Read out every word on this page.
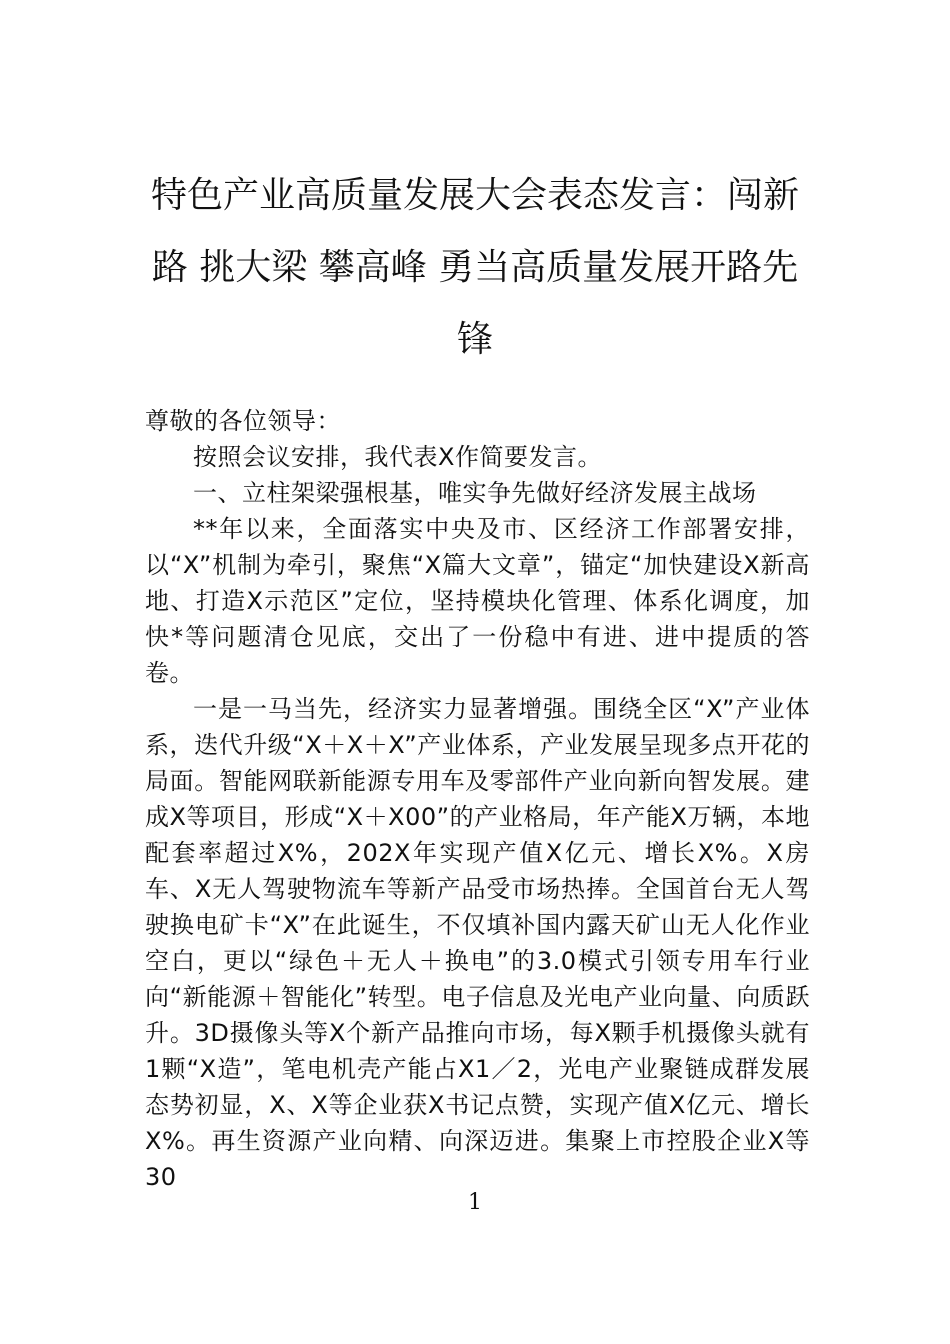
特色产业高质量发展大会表态发言：闯新路 挑大梁 攀高峰 勇当高质量发展开路先锋

尊敬的各位领导：

按照会议安排，我代表X作简要发言。

一、立柱架梁强根基，唯实争先做好经济发展主战场

**年以来，全面落实中央及市、区经济工作部署安排，以“X”机制为牵引，聚焦“X篇大文章”，锚定“加快建设X新高地、打造X示范区”定位，坚持模块化管理、体系化调度，加快*等问题清仓见底，交出了一份稳中有进、进中提质的答卷。

一是一马当先，经济实力显著增强。围绕全区“X”产业体系，迭代升级“X＋X＋X”产业体系，产业发展呈现多点开花的局面。智能网联新能源专用车及零部件产业向新向智发展。建成X等项目，形成“X＋X00”的产业格局，年产能X万辆，本地配套率超过X%，202X年实现产值X亿元、增长X%。X房车、X无人驾驶物流车等新产品受市场热捧。全国首台无人驾驶换电矿卡“X”在此诞生，不仅填补国内露天矿山无人化作业空白，更以“绿色＋无人＋换电”的3.0模式引领专用车行业向“新能源＋智能化”转型。电子信息及光电产业向量、向质跃升。3D摄像头等X个新产品推向市场，每X颗手机摄像头就有1颗“X造”，笔电机壳产能占X1／2，光电产业聚链成群发展态势初显，X、X等企业获X书记点赞，实现产值X亿元、增长X%。再生资源产业向精、向深迈进。集聚上市控股企业X等30

1
